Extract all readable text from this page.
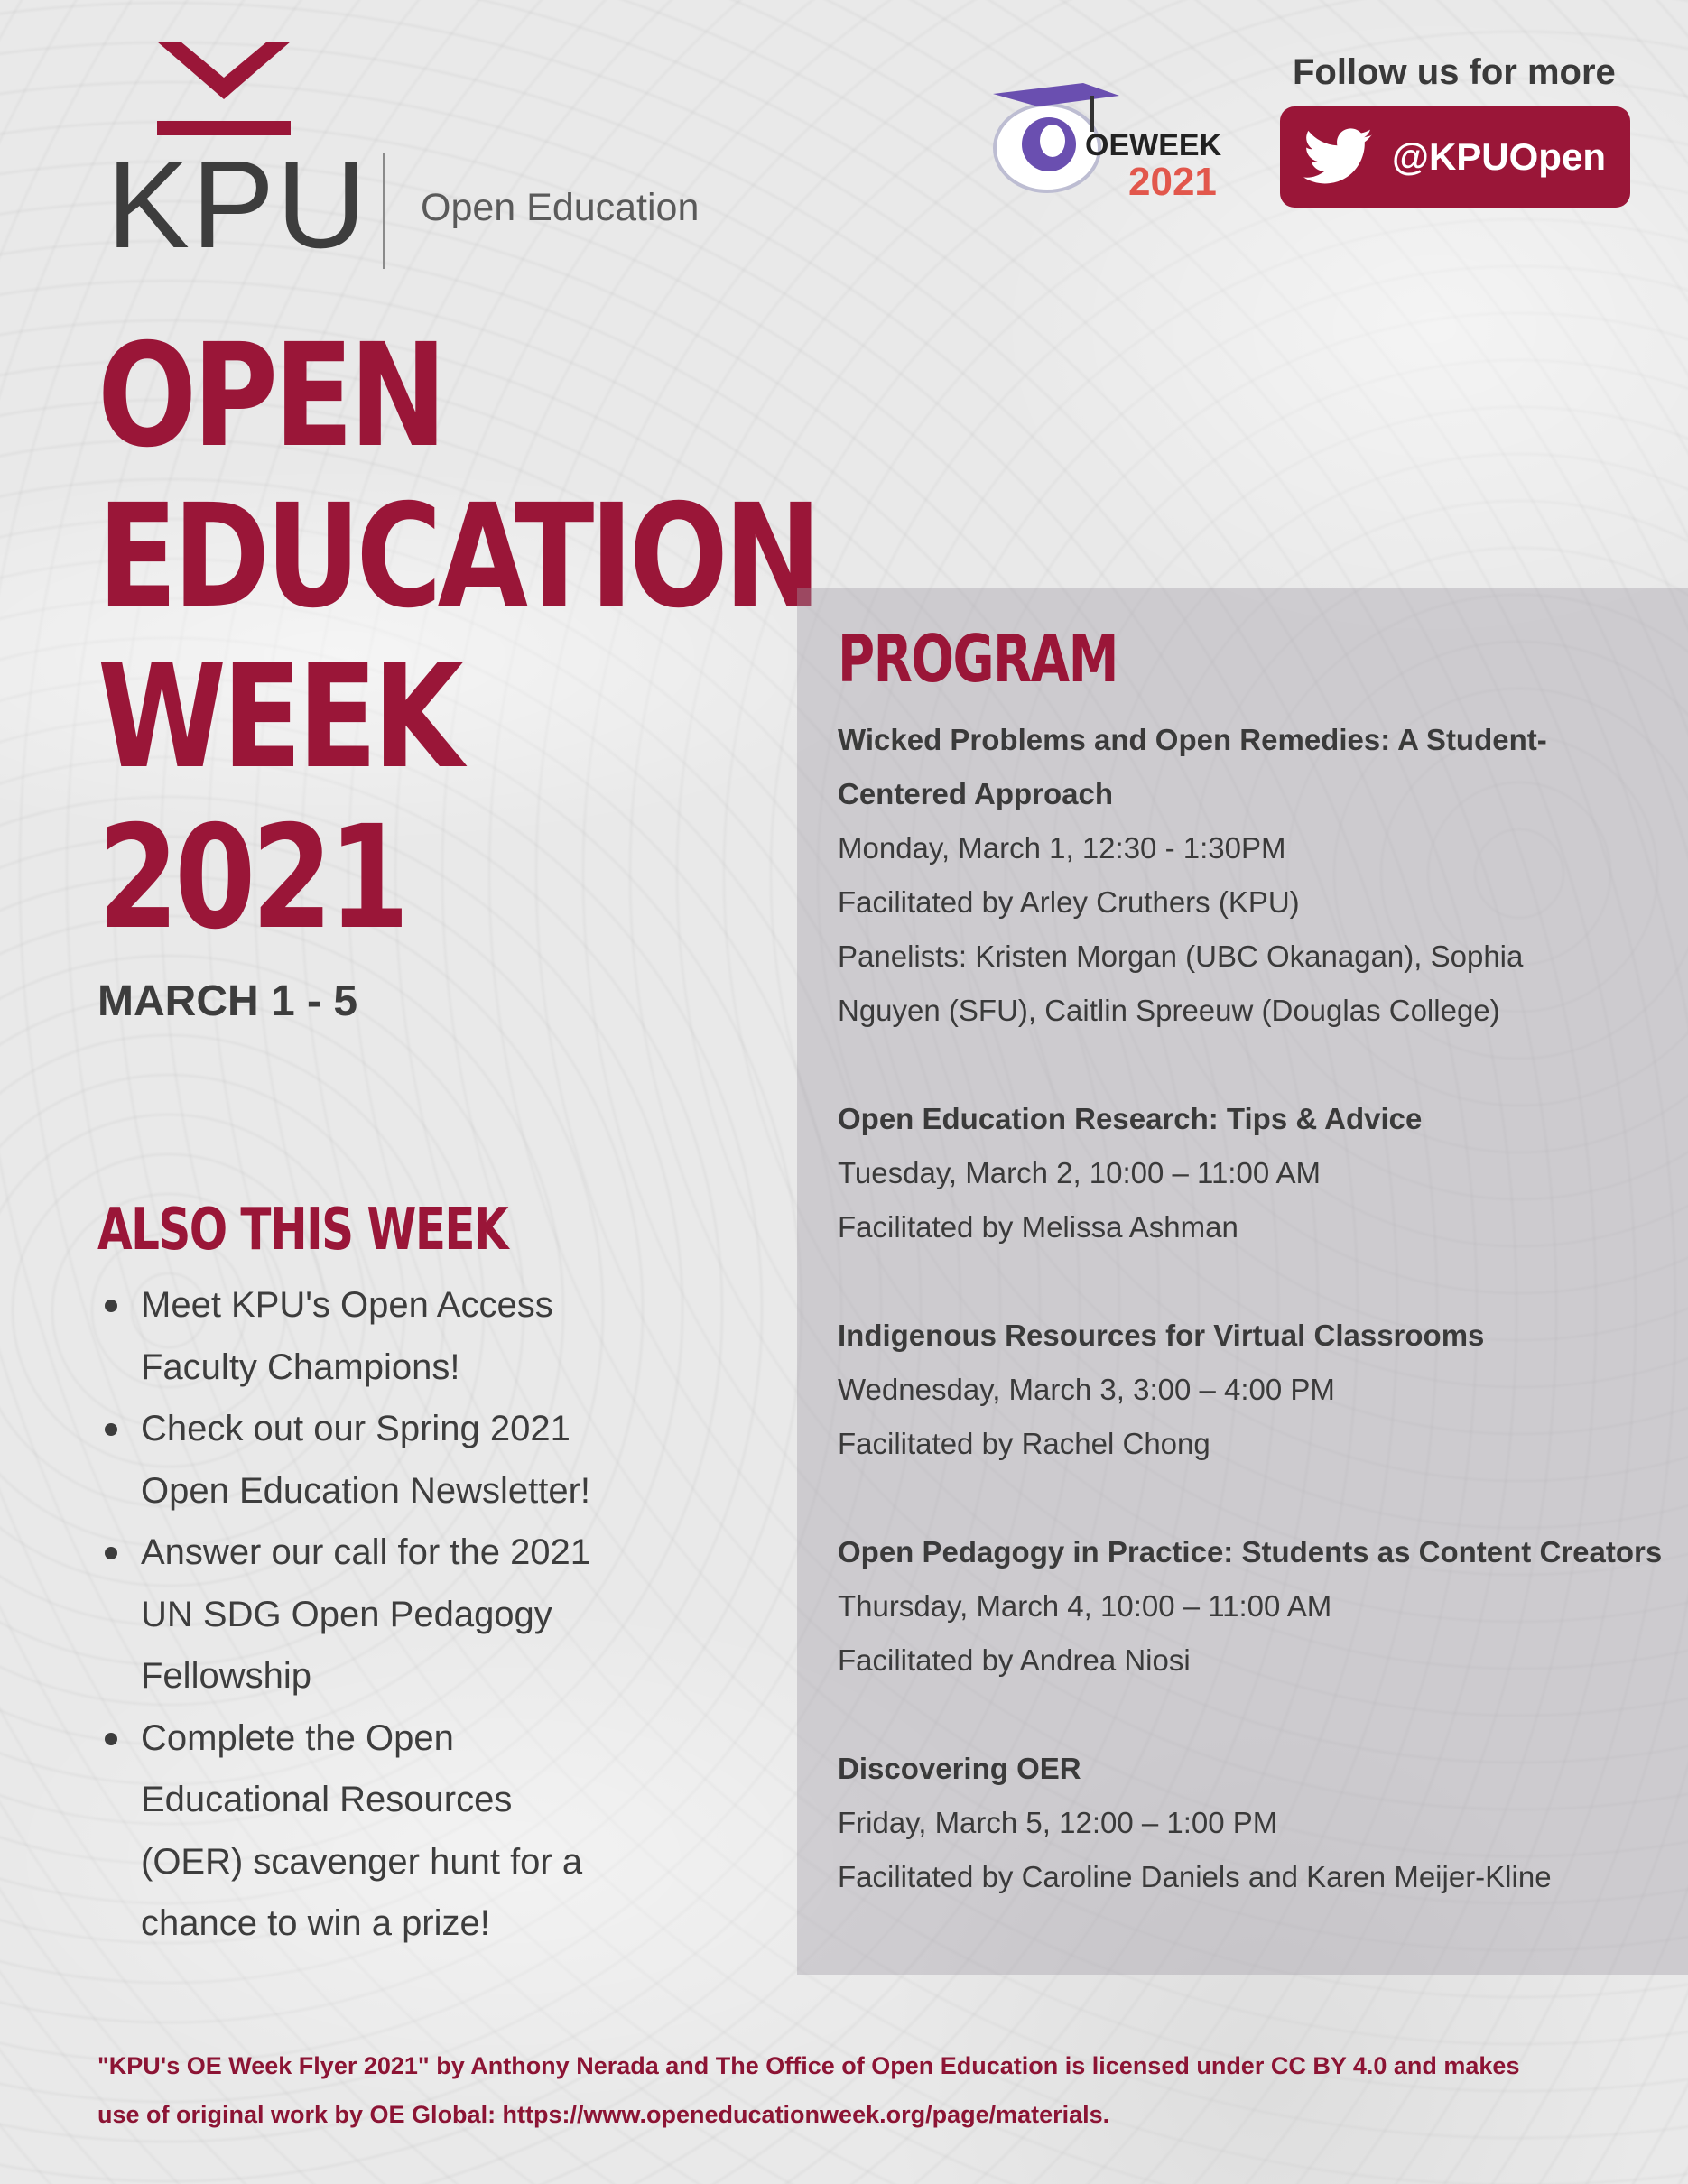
KPU Open Education
OEWEEK
2021
Follow us for more
@KPUOpen
OPEN
EDUCATION
WEEK
2021
MARCH 1 - 5
ALSO THIS WEEK
Meet KPU's Open Access
Faculty Champions!
Check out our Spring 2021
Open Education Newsletter!
Answer our call for the 2021
UN SDG Open Pedagogy
Fellowship
Complete the Open
Educational Resources
(OER) scavenger hunt for a
chance to win a prize!
PROGRAM
Wicked Problems and Open Remedies: A Student-
Centered Approach
Monday, March 1, 12:30 - 1:30PM
Facilitated by Arley Cruthers (KPU)
Panelists: Kristen Morgan (UBC Okanagan), Sophia
Nguyen (SFU), Caitlin Spreeuw (Douglas College)
Open Education Research: Tips & Advice
Tuesday, March 2, 10:00 – 11:00 AM
Facilitated by Melissa Ashman
Indigenous Resources for Virtual Classrooms
Wednesday, March 3, 3:00 – 4:00 PM
Facilitated by Rachel Chong
Open Pedagogy in Practice: Students as Content Creators
Thursday, March 4, 10:00 – 11:00 AM
Facilitated by Andrea Niosi
Discovering OER
Friday, March 5, 12:00 – 1:00 PM
Facilitated by Caroline Daniels and Karen Meijer-Kline
"KPU's OE Week Flyer 2021" by Anthony Nerada and The Office of Open Education is licensed under CC BY 4.0 and makes
use of original work by OE Global: https://www.openeducationweek.org/page/materials.
